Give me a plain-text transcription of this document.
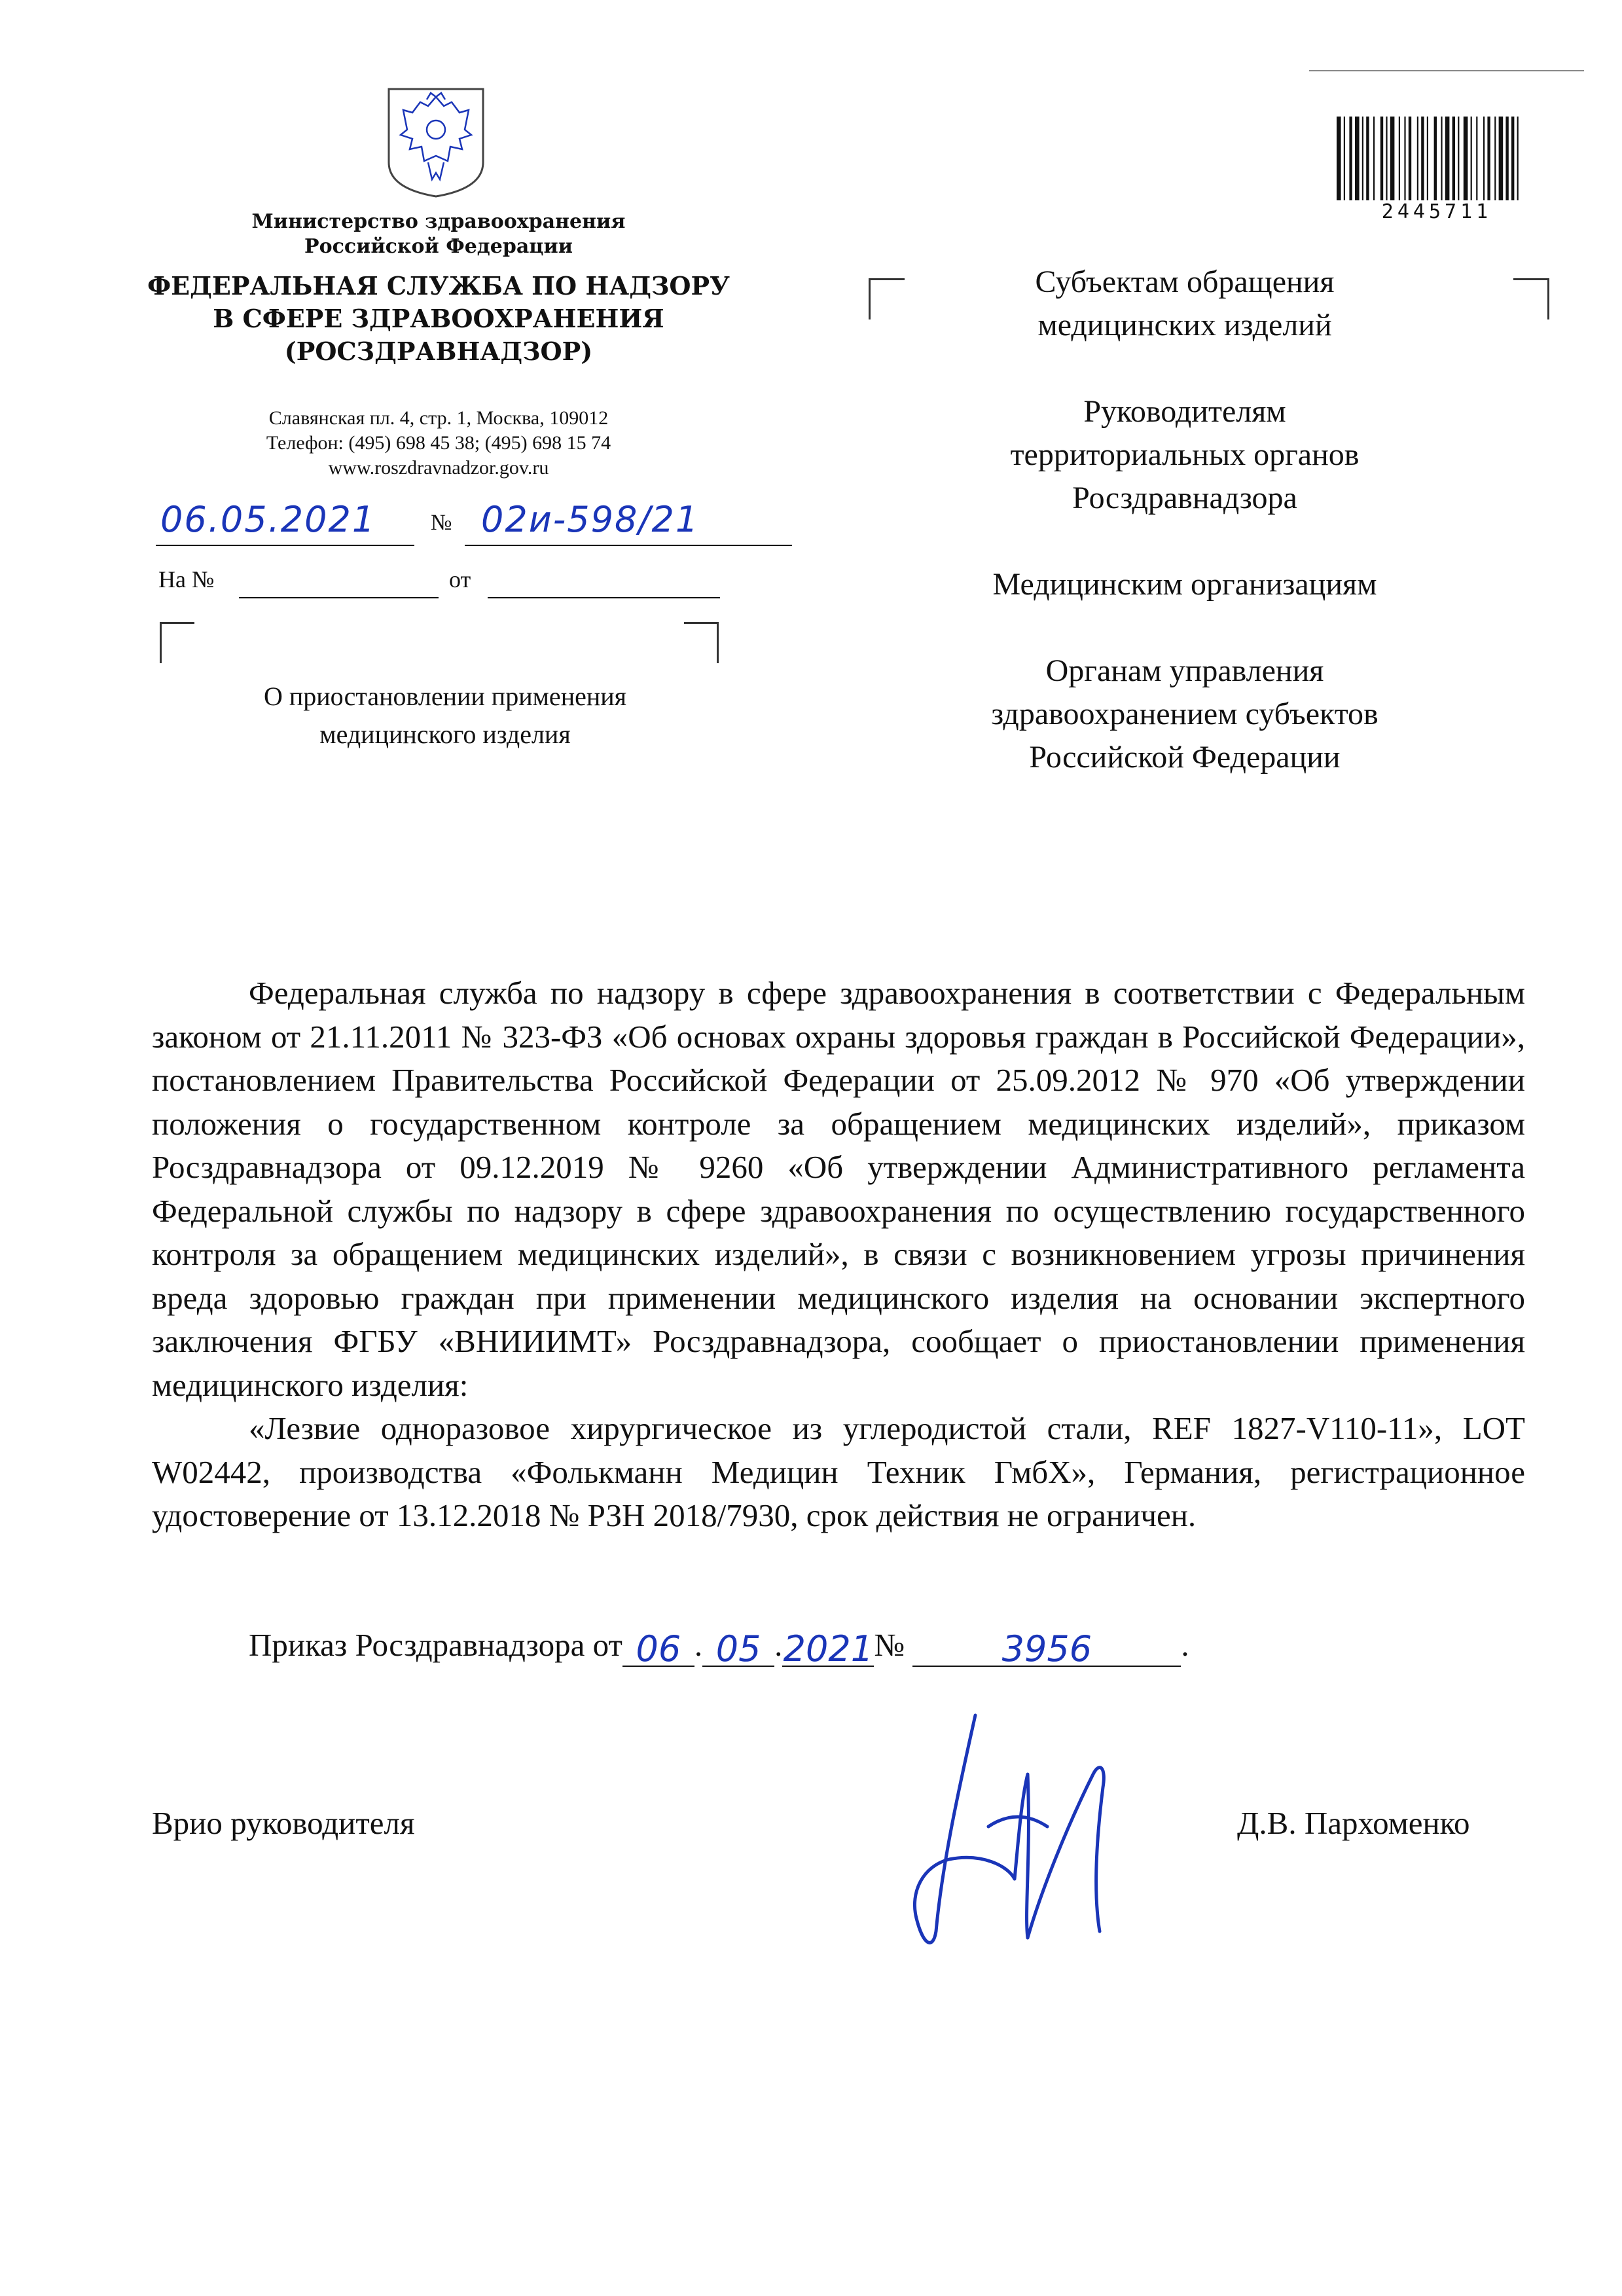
Министерство здравоохранения
Российской Федерации
ФЕДЕРАЛЬНАЯ СЛУЖБА ПО НАДЗОРУ
В СФЕРЕ ЗДРАВООХРАНЕНИЯ
(РОСЗДРАВНАДЗОР)
Славянская пл. 4, стр. 1, Москва, 109012
Телефон: (495) 698 45 38; (495) 698 15 74
www.roszdravnadzor.gov.ru
06.05.2021 № 02и-598/21
На №	от
О приостановлении применения
медицинского изделия
2445711
Субъектам обращения
медицинских изделий
Руководителям
территориальных органов
Росздравнадзора
Медицинским организациям
Органам управления
здравоохранением субъектов
Российской Федерации

Федеральная служба по надзору в сфере здравоохранения в соответствии с Федеральным законом от 21.11.2011 № 323-ФЗ «Об основах охраны здоровья граждан в Российской Федерации», постановлением Правительства Российской Федерации от 25.09.2012 № 970 «Об утверждении положения о государственном контроле за обращением медицинских изделий», приказом Росздравнадзора от 09.12.2019 № 9260 «Об утверждении Административного регламента Федеральной службы по надзору в сфере здравоохранения по осуществлению государственного контроля за обращением медицинских изделий», в связи с возникновением угрозы причинения вреда здоровью граждан при применении медицинского изделия на основании экспертного заключения ФГБУ «ВНИИИМТ» Росздравнадзора, сообщает о приостановлении применения медицинского изделия:

«Лезвие одноразовое хирургическое из углеродистой стали, REF 1827-V110-11», LOT W02442, производства «Фолькманн Медицин Техник ГмбХ», Германия, регистрационное удостоверение от 13.12.2018 № РЗН 2018/7930, срок действия не ограничен.

Приказ Росздравнадзора от 06 . 05 .2021№	3956	.
Врио руководителя	Д.В. Пархоменко
